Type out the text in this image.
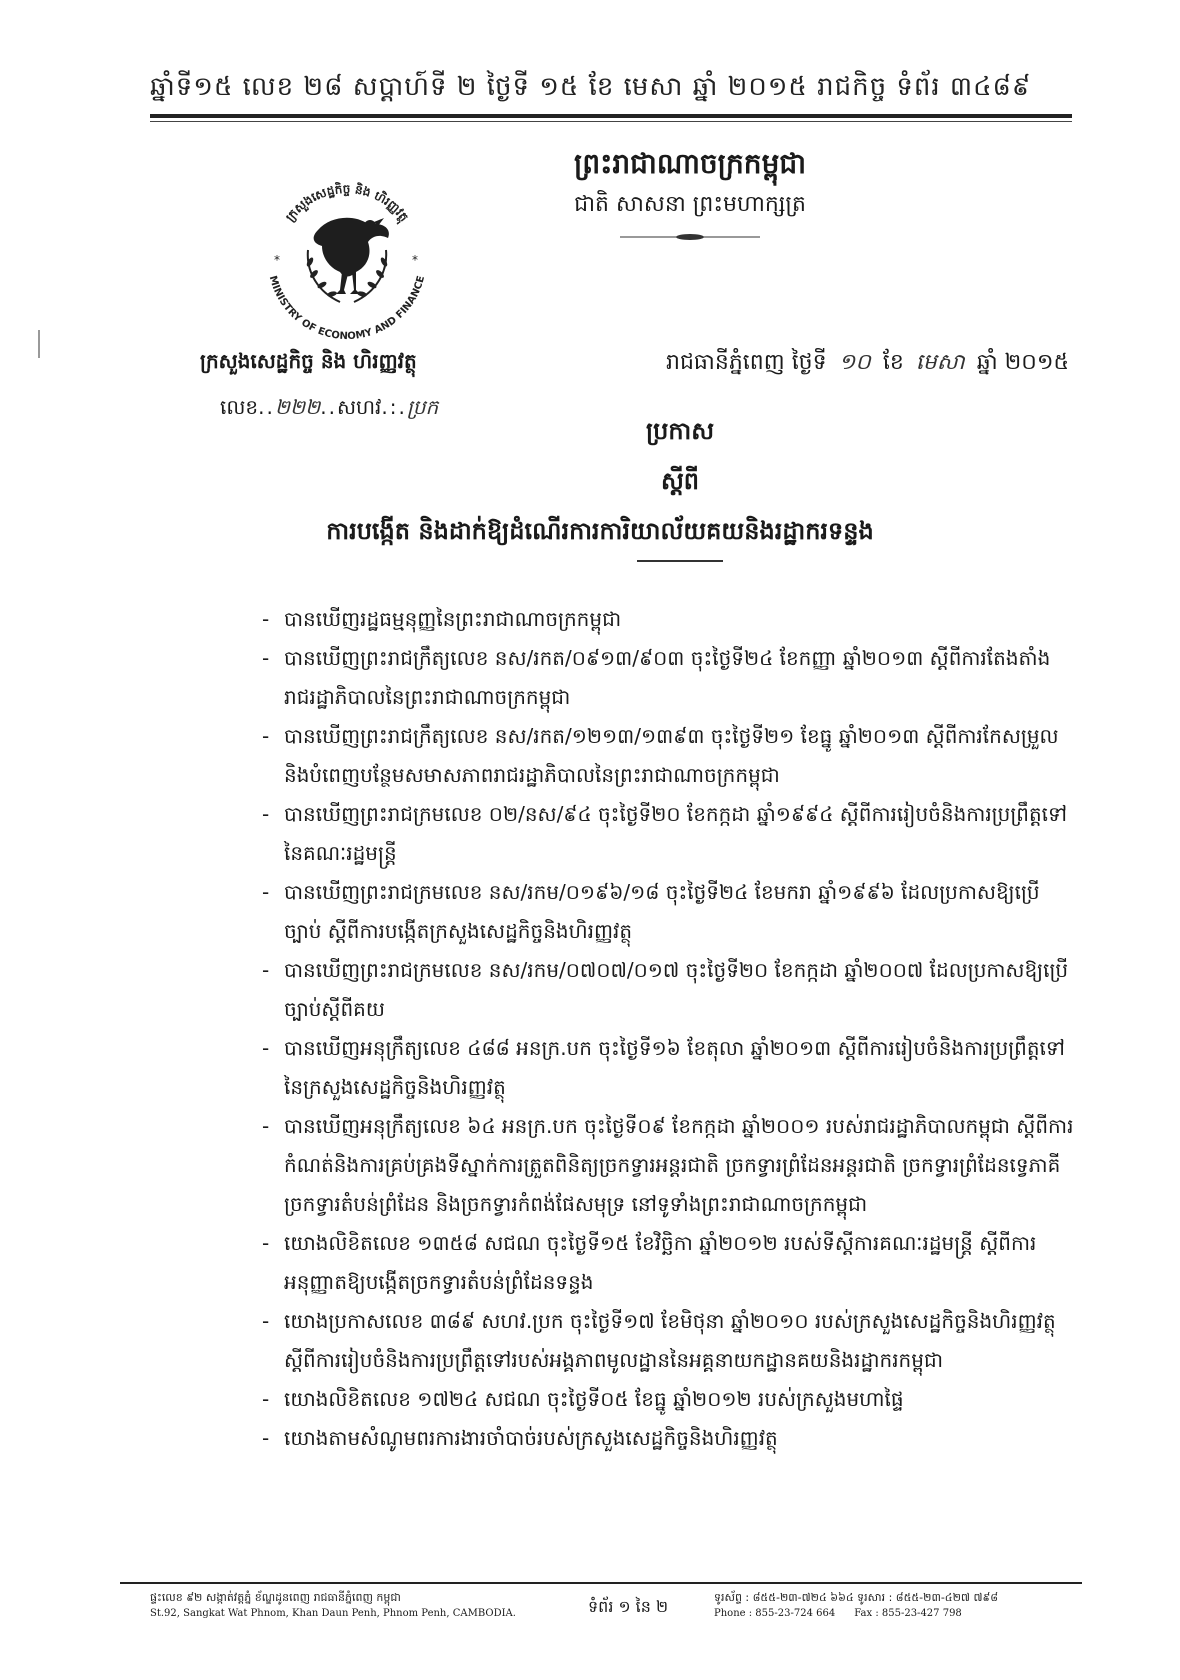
ឆ្នាំទី១៥ លេខ ២៨ សប្តាហ៍ទី ២ ថ្ងៃទី ១៥ ខែ មេសា ឆ្នាំ ២០១៥ រាជកិច្ច ទំព័រ ៣៤៨៩
ក្រសួងសេដ្ឋកិច្ច និង ហិរញ្ញវត្ថុ
MINISTRY OF ECONOMY AND FINANCE
*	*
ព្រះរាជាណាចក្រកម្ពុជា
ជាតិ សាសនា ព្រះមហាក្សត្រ
ក្រសួងសេដ្ឋកិច្ច និង ហិរញ្ញវត្ថុ
លេខ..២២២..សហវ.:.ប្រក
រាជធានីភ្នំពេញ ថ្ងៃទី ១០ ខែ មេសា ឆ្នាំ ២០១៥
ប្រកាស
ស្តីពី
ការបង្កើត និងដាក់ឱ្យដំណើរការការិយាល័យគយនិងរដ្ឋាករទន្ទង
- បានឃើញរដ្ឋធម្មនុញ្ញនៃព្រះរាជាណាចក្រកម្ពុជា
- បានឃើញព្រះរាជក្រឹត្យលេខ នស/រកត/០៩១៣/៩០៣ ចុះថ្ងៃទី២៤ ខែកញ្ញា ឆ្នាំ២០១៣ ស្តីពីការតែងតាំងរាជរដ្ឋាភិបាលនៃព្រះរាជាណាចក្រកម្ពុជា
- បានឃើញព្រះរាជក្រឹត្យលេខ នស/រកត/១២១៣/១៣៩៣ ចុះថ្ងៃទី២១ ខែធ្នូ ឆ្នាំ២០១៣ ស្តីពីការកែសម្រួល និងបំពេញបន្ថែមសមាសភាពរាជរដ្ឋាភិបាលនៃព្រះរាជាណាចក្រកម្ពុជា
- បានឃើញព្រះរាជក្រមលេខ ០២/នស/៩៤ ចុះថ្ងៃទី២០ ខែកក្កដា ឆ្នាំ១៩៩៤ ស្តីពីការរៀបចំនិងការប្រព្រឹត្តទៅនៃគណៈរដ្ឋមន្ត្រី
- បានឃើញព្រះរាជក្រមលេខ នស/រកម/០១៩៦/១៨ ចុះថ្ងៃទី២៤ ខែមករា ឆ្នាំ១៩៩៦ ដែលប្រកាសឱ្យប្រើច្បាប់ ស្តីពីការបង្កើតក្រសួងសេដ្ឋកិច្ចនិងហិរញ្ញវត្ថុ
- បានឃើញព្រះរាជក្រមលេខ នស/រកម/០៧០៧/០១៧ ចុះថ្ងៃទី២០ ខែកក្កដា ឆ្នាំ២០០៧ ដែលប្រកាសឱ្យប្រើច្បាប់ស្តីពីគយ
- បានឃើញអនុក្រឹត្យលេខ ៤៨៨ អនក្រ.បក ចុះថ្ងៃទី១៦ ខែតុលា ឆ្នាំ២០១៣ ស្តីពីការរៀបចំនិងការប្រព្រឹត្តទៅនៃក្រសួងសេដ្ឋកិច្ចនិងហិរញ្ញវត្ថុ
- បានឃើញអនុក្រឹត្យលេខ ៦៤ អនក្រ.បក ចុះថ្ងៃទី០៩ ខែកក្កដា ឆ្នាំ២០០១ របស់រាជរដ្ឋាភិបាលកម្ពុជា ស្តីពីការកំណត់និងការគ្រប់គ្រងទីស្នាក់ការត្រួតពិនិត្យច្រកទ្វារអន្តរជាតិ ច្រកទ្វារព្រំដែនអន្តរជាតិ ច្រកទ្វារព្រំដែនទ្វេភាគី ច្រកទ្វារតំបន់ព្រំដែន និងច្រកទ្វារកំពង់ផែសមុទ្រ នៅទូទាំងព្រះរាជាណាចក្រកម្ពុជា
- យោងលិខិតលេខ ១៣៥៨ សជណ ចុះថ្ងៃទី១៥ ខែវិច្ឆិកា ឆ្នាំ២០១២ របស់ទីស្តីការគណៈរដ្ឋមន្ត្រី ស្តីពីការអនុញ្ញាតឱ្យបង្កើតច្រកទ្វារតំបន់ព្រំដែនទន្ទង
- យោងប្រកាសលេខ ៣៨៩ សហវ.ប្រក ចុះថ្ងៃទី១៧ ខែមិថុនា ឆ្នាំ២០១០ របស់ក្រសួងសេដ្ឋកិច្ចនិងហិរញ្ញវត្ថុ ស្តីពីការរៀបចំនិងការប្រព្រឹត្តទៅរបស់អង្គភាពមូលដ្ឋាននៃអគ្គនាយកដ្ឋានគយនិងរដ្ឋាករកម្ពុជា
- យោងលិខិតលេខ ១៧២៤ សជណ ចុះថ្ងៃទី០៥ ខែធ្នូ ឆ្នាំ២០១២ របស់ក្រសួងមហាផ្ទៃ
- យោងតាមសំណូមពរការងារចាំបាច់របស់ក្រសួងសេដ្ឋកិច្ចនិងហិរញ្ញវត្ថុ
ផ្ទះលេខ ៩២ សង្កាត់វត្តភ្នំ ខ័ណ្ឌដូនពេញ រាជធានីភ្នំពេញ កម្ពុជា
St.92, Sangkat Wat Phnom, Khan Daun Penh, Phnom Penh, CAMBODIA.	ទំព័រ ១ នៃ ២	ទូរស័ព្ទ : ៨៥៥-២៣-៧២៤ ៦៦៤ ទូរសារ : ៨៥៥-២៣-៤២៧ ៧៩៨
Phone : 855-23-724 664 Fax : 855-23-427 798
